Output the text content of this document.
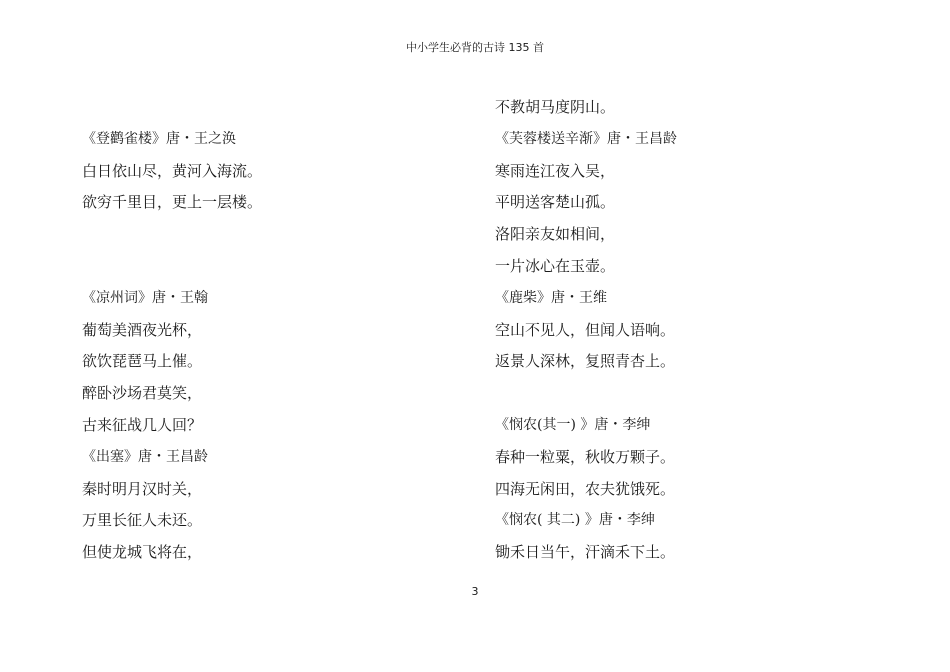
中小学生必背的古诗 135 首
《登鹳雀楼》唐・王之涣
白日依山尽，黄河入海流。
欲穷千里目，更上一层楼。
《凉州词》唐・王翰
葡萄美酒夜光杯，
欲饮琵琶马上催。
醉卧沙场君莫笑，
古来征战几人回？
《出塞》唐・王昌龄
秦时明月汉时关，
万里长征人未还。
但使龙城飞将在，
不教胡马度阴山。
《芙蓉楼送辛渐》唐・王昌龄
寒雨连江夜入吴，
平明送客楚山孤。
洛阳亲友如相间，
一片冰心在玉壶。
《鹿柴》唐・王维
空山不见人，但闻人语响。
返景人深林，复照青杏上。
《悯农(其一) 》唐・李绅
春种一粒粟，秋收万颗子。
四海无闲田，农夫犹饿死。
《悯农( 其二) 》唐・李绅
锄禾日当午，汗滴禾下土。
3
